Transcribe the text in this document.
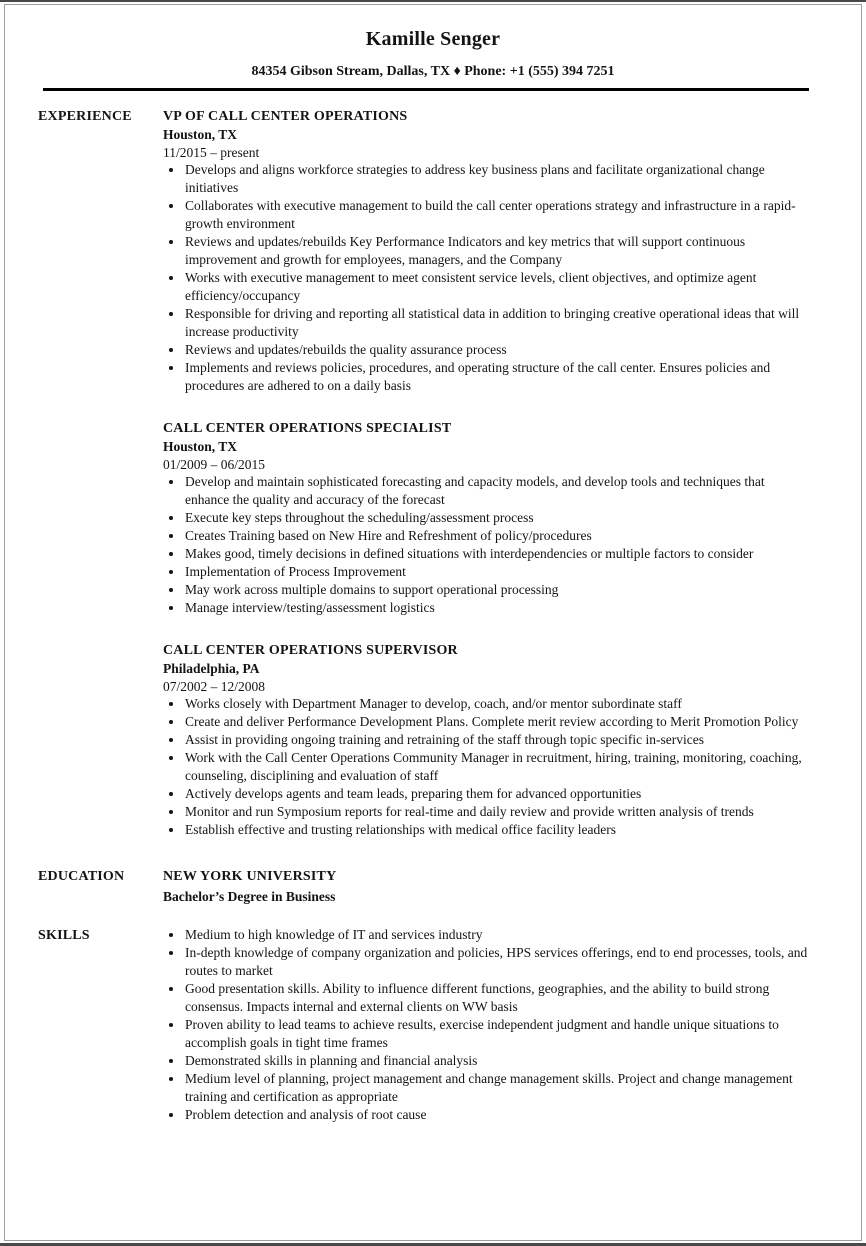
Kamille Senger
84354 Gibson Stream, Dallas, TX ♦ Phone: +1 (555) 394 7251
EXPERIENCE	VP OF CALL CENTER OPERATIONS
Houston, TX
11/2015 – present
• Develops and aligns workforce strategies to address key business plans and facilitate organizational change initiatives
• Collaborates with executive management to build the call center operations strategy and infrastructure in a rapid-growth environment
• Reviews and updates/rebuilds Key Performance Indicators and key metrics that will support continuous improvement and growth for employees, managers, and the Company
• Works with executive management to meet consistent service levels, client objectives, and optimize agent efficiency/occupancy
• Responsible for driving and reporting all statistical data in addition to bringing creative operational ideas that will increase productivity
• Reviews and updates/rebuilds the quality assurance process
• Implements and reviews policies, procedures, and operating structure of the call center. Ensures policies and procedures are adhered to on a daily basis
CALL CENTER OPERATIONS SPECIALIST
Houston, TX
01/2009 – 06/2015
• Develop and maintain sophisticated forecasting and capacity models, and develop tools and techniques that enhance the quality and accuracy of the forecast
• Execute key steps throughout the scheduling/assessment process
• Creates Training based on New Hire and Refreshment of policy/procedures
• Makes good, timely decisions in defined situations with interdependencies or multiple factors to consider
• Implementation of Process Improvement
• May work across multiple domains to support operational processing
• Manage interview/testing/assessment logistics
CALL CENTER OPERATIONS SUPERVISOR
Philadelphia, PA
07/2002 – 12/2008
• Works closely with Department Manager to develop, coach, and/or mentor subordinate staff
• Create and deliver Performance Development Plans. Complete merit review according to Merit Promotion Policy
• Assist in providing ongoing training and retraining of the staff through topic specific in-services
• Work with the Call Center Operations Community Manager in recruitment, hiring, training, monitoring, coaching, counseling, disciplining and evaluation of staff
• Actively develops agents and team leads, preparing them for advanced opportunities
• Monitor and run Symposium reports for real-time and daily review and provide written analysis of trends
• Establish effective and trusting relationships with medical office facility leaders
EDUCATION	NEW YORK UNIVERSITY
Bachelor’s Degree in Business
SKILLS	• Medium to high knowledge of IT and services industry
• In-depth knowledge of company organization and policies, HPS services offerings, end to end processes, tools, and routes to market
• Good presentation skills. Ability to influence different functions, geographies, and the ability to build strong consensus. Impacts internal and external clients on WW basis
• Proven ability to lead teams to achieve results, exercise independent judgment and handle unique situations to accomplish goals in tight time frames
• Demonstrated skills in planning and financial analysis
• Medium level of planning, project management and change management skills. Project and change management training and certification as appropriate
• Problem detection and analysis of root cause
